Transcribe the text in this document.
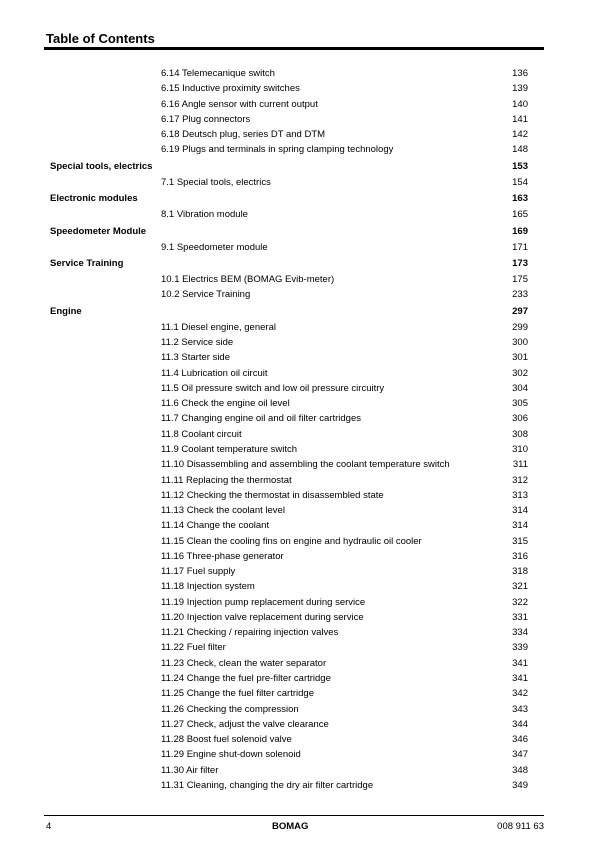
Table of Contents
6.14 Telemecanique switch	136
6.15 Inductive proximity switches	139
6.16 Angle sensor with current output	140
6.17 Plug connectors	141
6.18 Deutsch plug, series DT and DTM	142
6.19 Plugs and terminals in spring clamping technology	148
Special tools, electrics	153
7.1 Special tools, electrics	154
Electronic modules	163
8.1 Vibration module	165
Speedometer Module	169
9.1 Speedometer module	171
Service Training	173
10.1 Electrics BEM (BOMAG Evib-meter)	175
10.2 Service Training	233
Engine	297
11.1 Diesel engine, general	299
11.2 Service side	300
11.3 Starter side	301
11.4 Lubrication oil circuit	302
11.5 Oil pressure switch and low oil pressure circuitry	304
11.6 Check the engine oil level	305
11.7 Changing engine oil and oil filter cartridges	306
11.8 Coolant circuit	308
11.9 Coolant temperature switch	310
11.10 Disassembling and assembling the coolant temperature switch	311
11.11 Replacing the thermostat	312
11.12 Checking the thermostat in disassembled state	313
11.13 Check the coolant level	314
11.14 Change the coolant	314
11.15 Clean the cooling fins on engine and hydraulic oil cooler	315
11.16 Three-phase generator	316
11.17 Fuel supply	318
11.18 Injection system	321
11.19 Injection pump replacement during service	322
11.20 Injection valve replacement during service	331
11.21 Checking / repairing injection valves	334
11.22 Fuel filter	339
11.23 Check, clean the water separator	341
11.24 Change the fuel pre-filter cartridge	341
11.25 Change the fuel filter cartridge	342
11.26 Checking the compression	343
11.27 Check, adjust the valve clearance	344
11.28 Boost fuel solenoid valve	346
11.29 Engine shut-down solenoid	347
11.30 Air filter	348
11.31 Cleaning, changing the dry air filter cartridge	349
4	BOMAG	008 911 63
